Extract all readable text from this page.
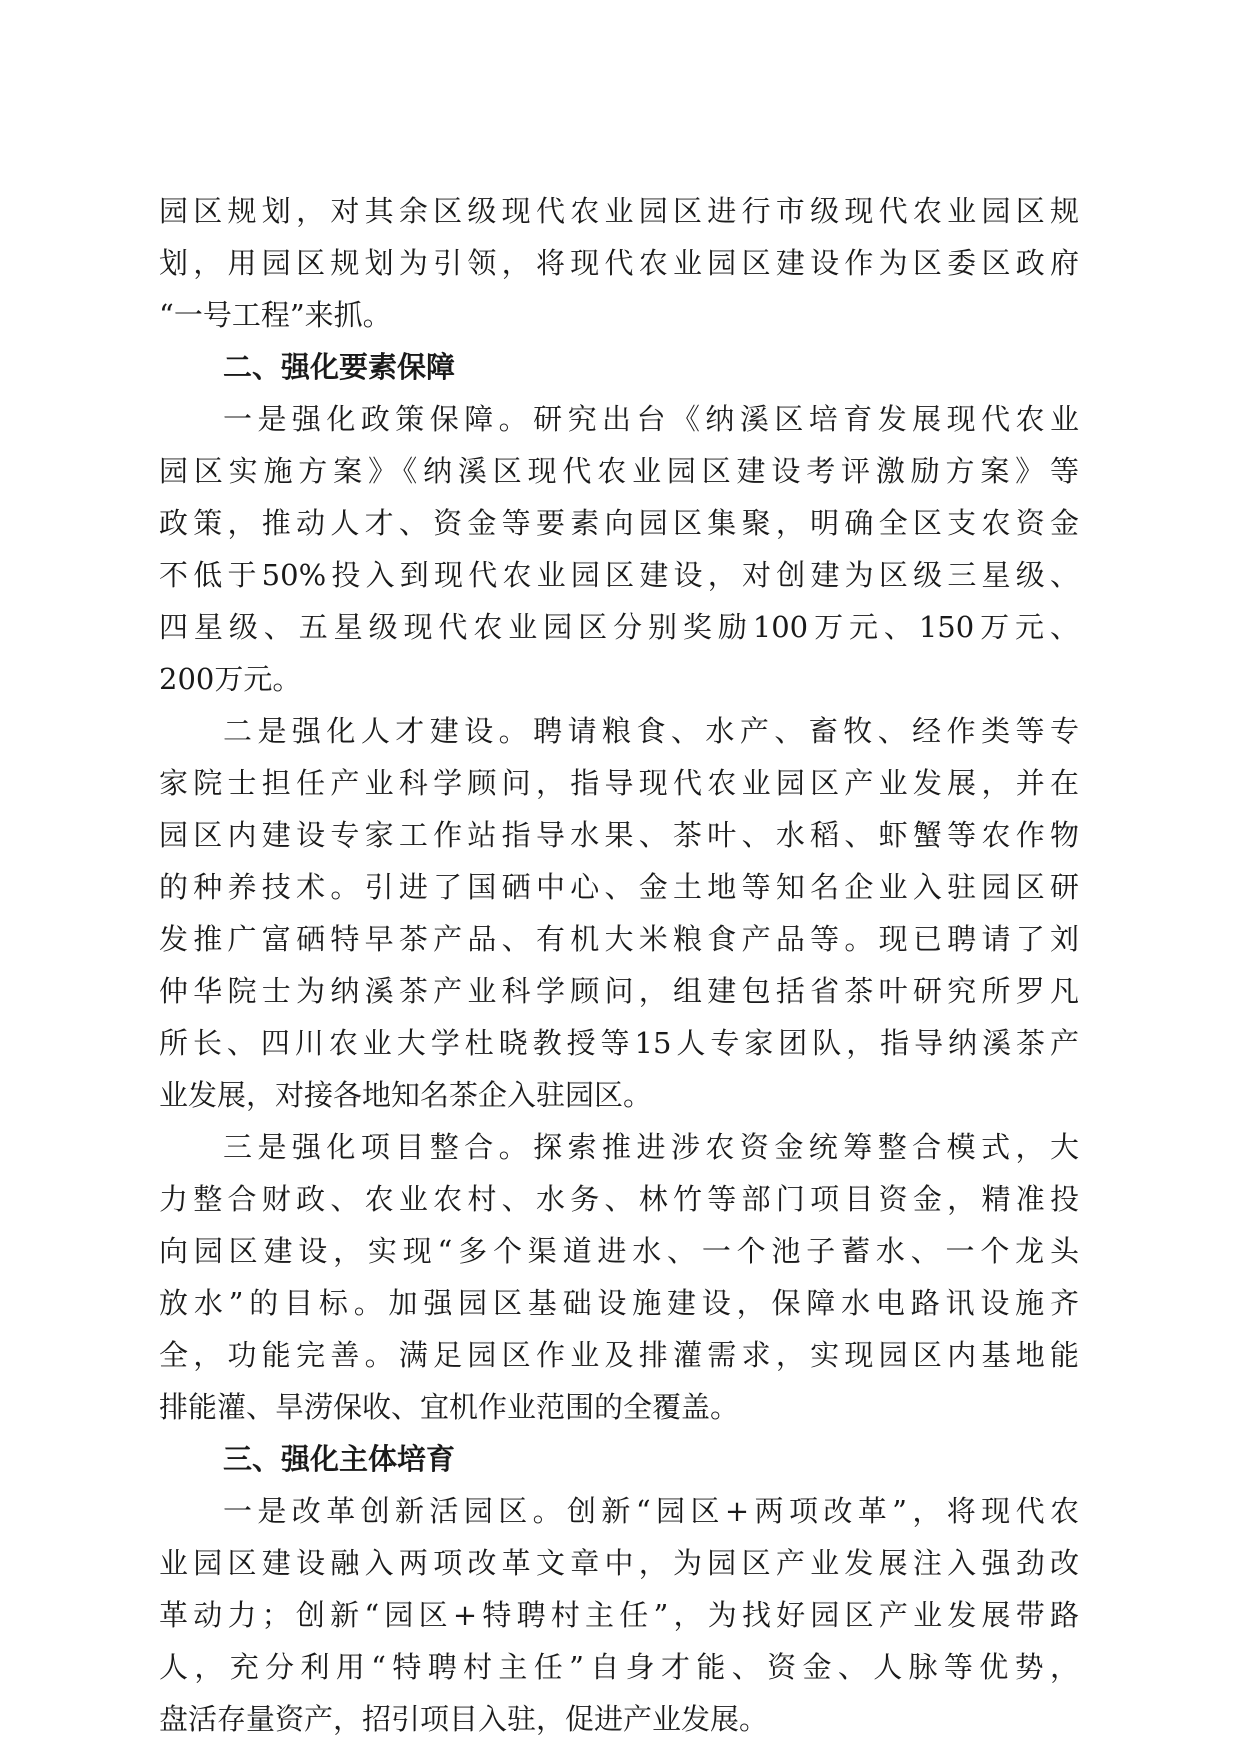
园区规划，对其余区级现代农业园区进行市级现代农业园区规
划，用园区规划为引领，将现代农业园区建设作为区委区政府
“一号工程”来抓。
二、强化要素保障
一是强化政策保障。研究出台《纳溪区培育发展现代农业
园区实施方案》《纳溪区现代农业园区建设考评激励方案》等
政策，推动人才、资金等要素向园区集聚，明确全区支农资金
不低于50%投入到现代农业园区建设，对创建为区级三星级、
四星级、五星级现代农业园区分别奖励100万元、150万元、
200万元。
二是强化人才建设。聘请粮食、水产、畜牧、经作类等专
家院士担任产业科学顾问，指导现代农业园区产业发展，并在
园区内建设专家工作站指导水果、茶叶、水稻、虾蟹等农作物
的种养技术。引进了国硒中心、金土地等知名企业入驻园区研
发推广富硒特早茶产品、有机大米粮食产品等。现已聘请了刘
仲华院士为纳溪茶产业科学顾问，组建包括省茶叶研究所罗凡
所长、四川农业大学杜晓教授等15人专家团队，指导纳溪茶产
业发展，对接各地知名茶企入驻园区。
三是强化项目整合。探索推进涉农资金统筹整合模式，大
力整合财政、农业农村、水务、林竹等部门项目资金，精准投
向园区建设，实现“多个渠道进水、一个池子蓄水、一个龙头
放水”的目标。加强园区基础设施建设，保障水电路讯设施齐
全，功能完善。满足园区作业及排灌需求，实现园区内基地能
排能灌、旱涝保收、宜机作业范围的全覆盖。
三、强化主体培育
一是改革创新活园区。创新“园区+两项改革”，将现代农
业园区建设融入两项改革文章中，为园区产业发展注入强劲改
革动力；创新“园区+特聘村主任”，为找好园区产业发展带路
人，充分利用“特聘村主任”自身才能、资金、人脉等优势，
盘活存量资产，招引项目入驻，促进产业发展。
